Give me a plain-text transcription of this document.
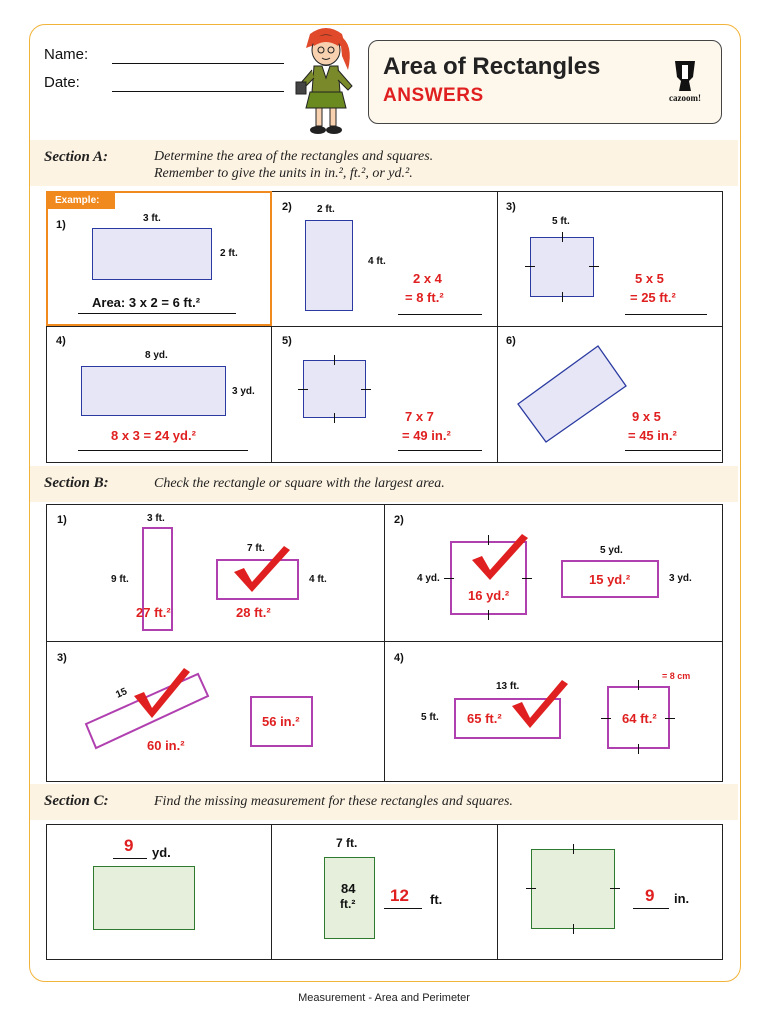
Name:
Date:
Area of Rectangles
ANSWERS	cazoom!
Section A:	Determine the area of the rectangles and squares.
Remember to give the units in in.², ft.², or yd.².
Example:
1)
3 ft.
2 ft.
Area: 3 x 2 = 6 ft.²
2)	2 ft.
4 ft.
2 x 4
= 8 ft.²
3)
5 ft.
5 x 5
= 25 ft.²
4)
8 yd.
3 yd.
8 x 3 = 24 yd.²
5)
7 x 7
= 49 in.²
6)
9 x 5
= 45 in.²
Section B:	Check the rectangle or square with the largest area.
1)	3 ft.
9 ft.
27 ft.²
7 ft.
4 ft.
28 ft.²
2)
4 yd.
16 yd.²
5 yd.
15 yd.²	3 yd.
3)
15
60 in.²
56 in.²
4)
13 ft.
5 ft. 65 ft.²
= 8 cm
64 ft.²
Section C:	Find the missing measurement for these rectangles and squares.
9 yd.
7 ft.
84
ft.² 12 ft.	9 in.
Measurement - Area and Perimeter
